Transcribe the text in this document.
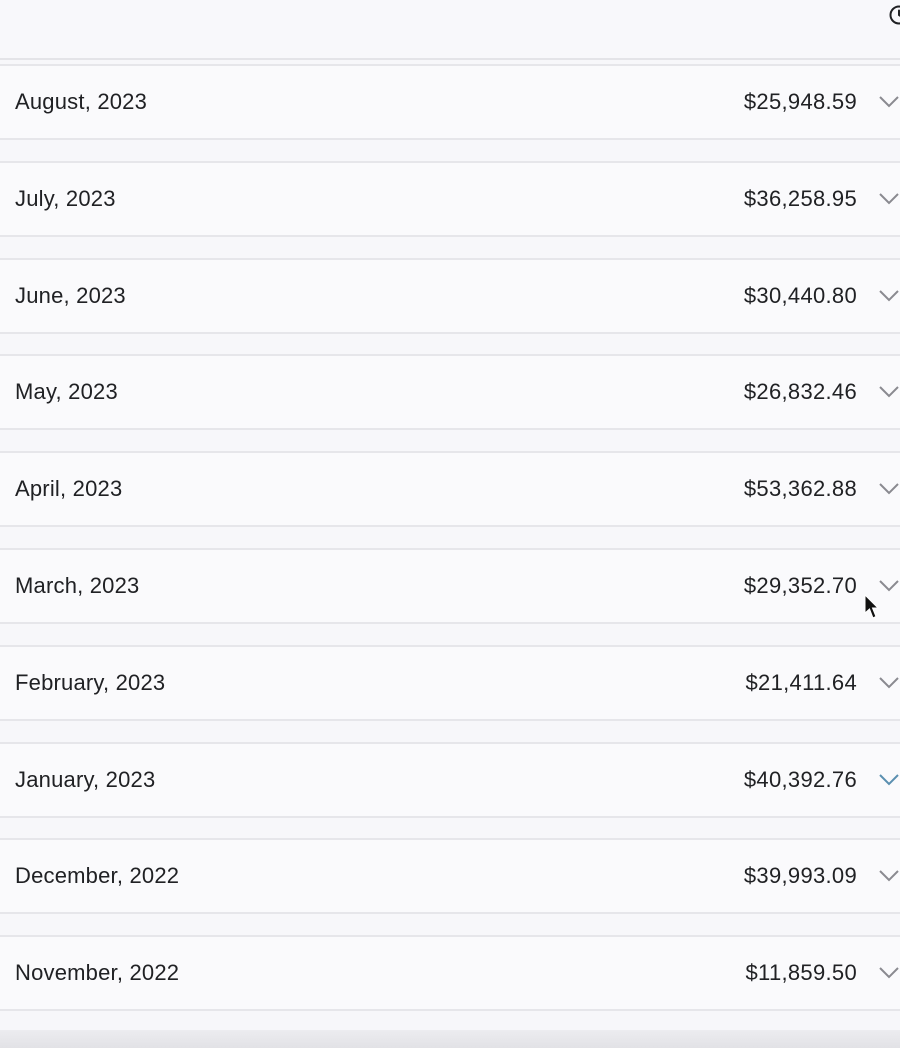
August, 2023	$25,948.59
July, 2023	$36,258.95
June, 2023	$30,440.80
May, 2023	$26,832.46
April, 2023	$53,362.88
March, 2023	$29,352.70
February, 2023	$21,411.64
January, 2023	$40,392.76
December, 2022	$39,993.09
November, 2022	$11,859.50
